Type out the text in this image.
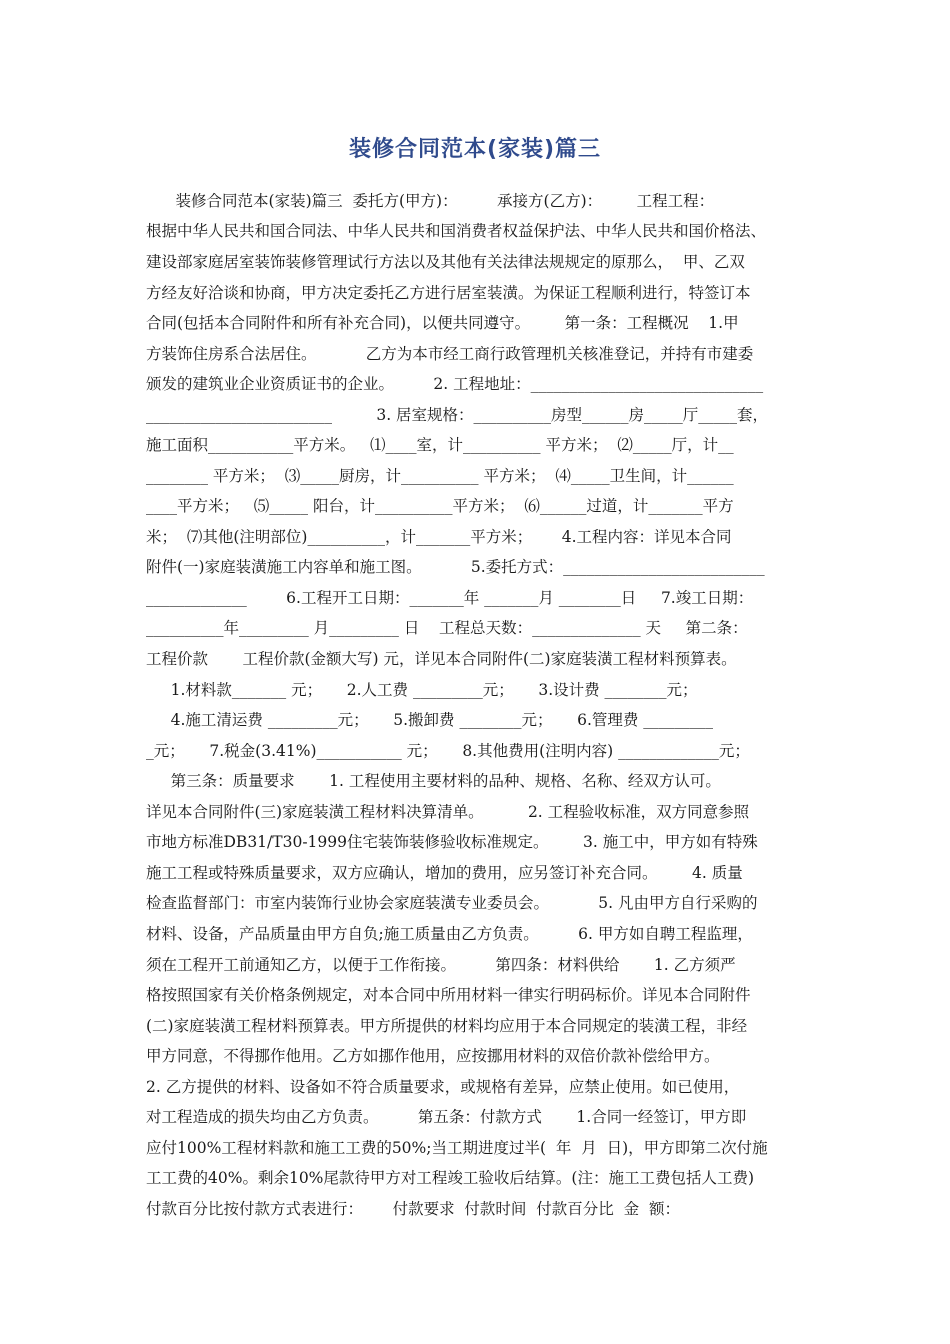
装修合同范本(家装)篇三
装修合同范本(家装)篇三  委托方(甲方)：        承接方(乙方)：       工程工程：
根据中华人民共和国合同法、中华人民共和国消费者权益保护法、中华人民共和国价格法、
建设部家庭居室装饰装修管理试行方法以及其他有关法律法规规定的原那么，  甲、乙双
方经友好洽谈和协商，甲方决定委托乙方进行居室装潢。为保证工程顺利进行，特签订本
合同(包括本合同附件和所有补充合同)，以便共同遵守。       第一条：工程概况    1.甲
方装饰住房系合法居住。          乙方为本市经工商行政管理机关核准登记，并持有市建委
颁发的建筑业企业资质证书的企业。        2. 工程地址：______________________________
________________________         3. 居室规格：__________房型______房_____厅_____套，
施工面积___________平方米。   ⑴____室，计__________ 平方米；  ⑵_____厅，计__
________ 平方米；  ⑶_____厨房，计__________ 平方米；  ⑷_____卫生间，计______
____平方米；   ⑸_____ 阳台，计__________平方米；  ⑹______过道，计_______平方
米；  ⑺其他(注明部位)__________，计_______平方米；      4.工程内容：详见本合同
附件(一)家庭装潢施工内容单和施工图。          5.委托方式：__________________________
_____________        6.工程开工日期：_______年 _______月 ________日     7.竣工日期：
__________年_________ 月_________ 日    工程总天数：______________ 天     第二条：
工程价款       工程价款(金额大写) 元，详见本合同附件(二)家庭装潢工程材料预算表。
1.材料款_______ 元；     2.人工费 _________元；     3.设计费 ________元；
4.施工清运费 _________元；     5.搬卸费 ________元；     6.管理费 _________
_元；     7.税金(3.41%)___________ 元；     8.其他费用(注明内容) _____________元；
第三条：质量要求       1. 工程使用主要材料的品种、规格、名称、经双方认可。
详见本合同附件(三)家庭装潢工程材料决算清单。         2. 工程验收标准，双方同意参照
市地方标准DB31/T30-1999住宅装饰装修验收标准规定。       3. 施工中，甲方如有特殊
施工工程或特殊质量要求，双方应确认，增加的费用，应另签订补充合同。       4. 质量
检查监督部门：市室内装饰行业协会家庭装潢专业委员会。          5. 凡由甲方自行采购的
材料、设备，产品质量由甲方自负;施工质量由乙方负责。        6. 甲方如自聘工程监理，
须在工程开工前通知乙方，以便于工作衔接。        第四条：材料供给       1. 乙方须严
格按照国家有关价格条例规定，对本合同中所用材料一律实行明码标价。详见本合同附件
(二)家庭装潢工程材料预算表。甲方所提供的材料均应用于本合同规定的装潢工程，非经
甲方同意，不得挪作他用。乙方如挪作他用，应按挪用材料的双倍价款补偿给甲方。
2. 乙方提供的材料、设备如不符合质量要求，或规格有差异，应禁止使用。如已使用，
对工程造成的损失均由乙方负责。        第五条：付款方式       1.合同一经签订，甲方即
应付100%工程材料款和施工工费的50%;当工期进度过半(  年  月  日)，甲方即第二次付施
工工费的40%。剩余10%尾款待甲方对工程竣工验收后结算。(注：施工工费包括人工费)
付款百分比按付款方式表进行：      付款要求  付款时间  付款百分比  金  额：
